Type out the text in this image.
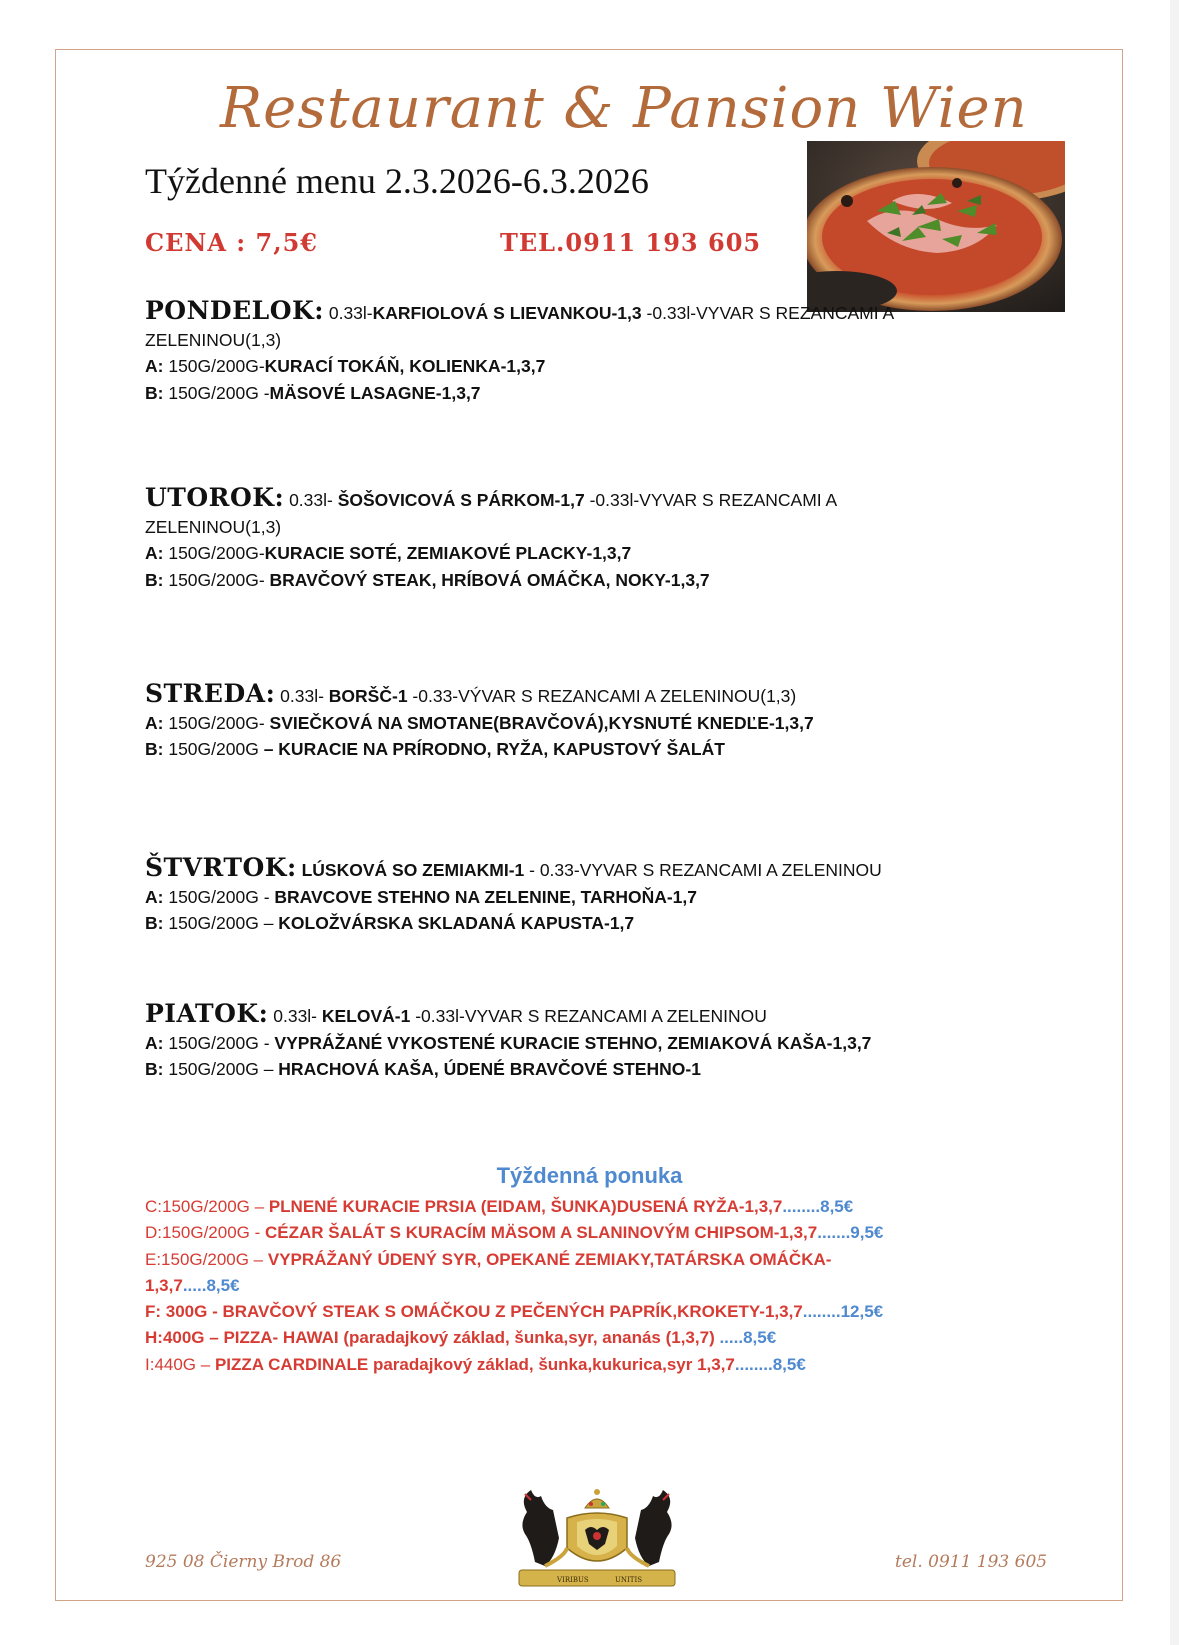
Restaurant & Pansion Wien
Týždenné menu 2.3.2026-6.3.2026
CENA : 7,5€	TEL.0911 193 605
PONDELOK: 0.33l-KARFIOLOVÁ S LIEVANKOU-1,3 -0.33l-VYVAR S REZANCAMI A
ZELENINOU(1,3)
A: 150G/200G-KURACÍ TOKÁŇ, KOLIENKA-1,3,7
B: 150G/200G -MÄSOVÉ LASAGNE-1,3,7
UTOROK: 0.33l- ŠOŠOVICOVÁ S PÁRKOM-1,7 -0.33l-VYVAR S REZANCAMI A
ZELENINOU(1,3)
A: 150G/200G-KURACIE SOTÉ, ZEMIAKOVÉ PLACKY-1,3,7
B: 150G/200G- BRAVČOVÝ STEAK, HRÍBOVÁ OMÁČKA, NOKY-1,3,7
STREDA: 0.33l- BORŠČ-1 -0.33-VÝVAR S REZANCAMI A ZELENINOU(1,3)
A: 150G/200G- SVIEČKOVÁ NA SMOTANE(BRAVČOVÁ),KYSNUTÉ KNEDĽE-1,3,7
B: 150G/200G – KURACIE NA PRÍRODNO, RYŽA, KAPUSTOVÝ ŠALÁT
ŠTVRTOK: LÚSKOVÁ SO ZEMIAKMI-1 - 0.33-VYVAR S REZANCAMI A ZELENINOU
A: 150G/200G - BRAVCOVE STEHNO NA ZELENINE, TARHOŇA-1,7
B: 150G/200G – KOLOŽVÁRSKA SKLADANÁ KAPUSTA-1,7
PIATOK: 0.33l- KELOVÁ-1 -0.33l-VYVAR S REZANCAMI A ZELENINOU
A: 150G/200G - VYPRÁŽANÉ VYKOSTENÉ KURACIE STEHNO, ZEMIAKOVÁ KAŠA-1,3,7
B: 150G/200G – HRACHOVÁ KAŠA, ÚDENÉ BRAVČOVÉ STEHNO-1
Týždenná ponuka
C:150G/200G – PLNENÉ KURACIE PRSIA (EIDAM, ŠUNKA)DUSENÁ RYŽA-1,3,7........8,5€
D:150G/200G - CÉZAR ŠALÁT S KURACÍM MÄSOM A SLANINOVÝM CHIPSOM-1,3,7.......9,5€
E:150G/200G – VYPRÁŽANÝ ÚDENÝ SYR, OPEKANÉ ZEMIAKY,TATÁRSKA OMÁČKA-
1,3,7.....8,5€
F: 300G - BRAVČOVÝ STEAK S OMÁČKOU Z PEČENÝCH PAPRÍK,KROKETY-1,3,7........12,5€
H:400G – PIZZA- HAWAI (paradajkový základ, šunka,syr, ananás (1,3,7) .....8,5€
I:440G – PIZZA CARDINALE paradajkový základ, šunka,kukurica,syr 1,3,7........8,5€
VIRIBUS	UNITIS
925 08 Čierny Brod 86	tel. 0911 193 605
